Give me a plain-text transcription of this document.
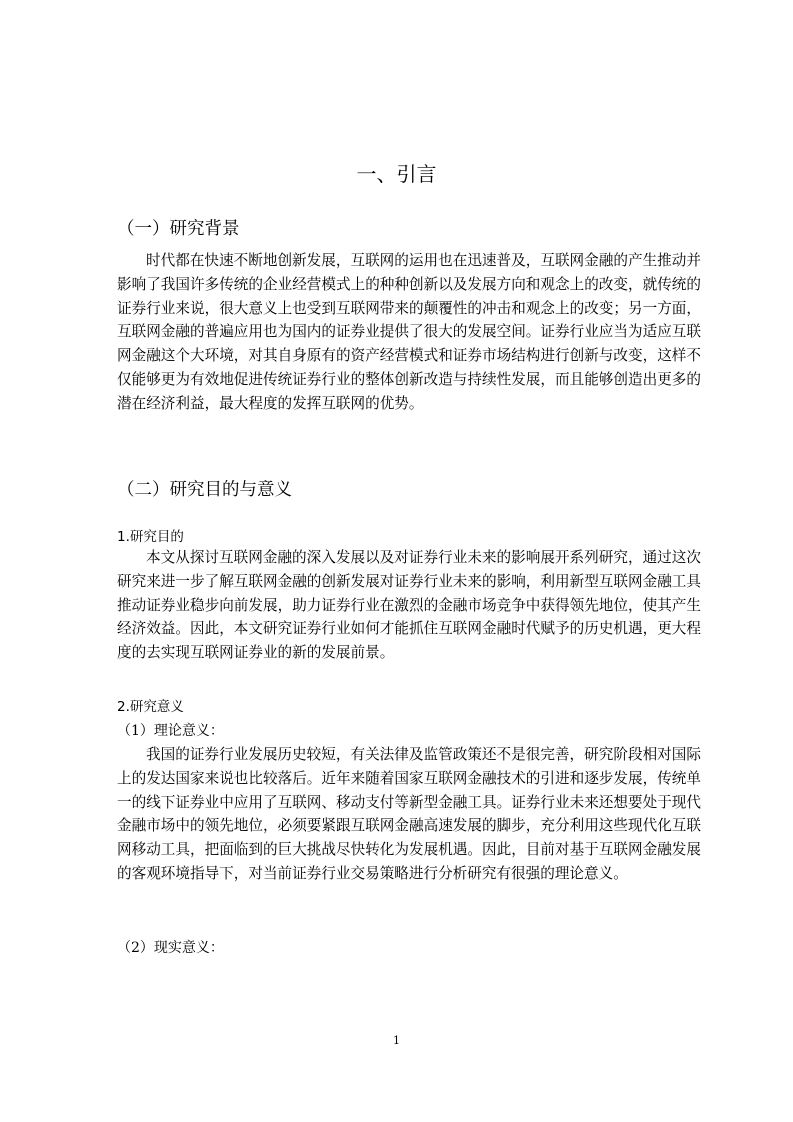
一、引言
（一）研究背景

时代都在快速不断地创新发展，互联网的运用也在迅速普及，互联网金融的产生推动并影响了我国许多传统的企业经营模式上的种种创新以及发展方向和观念上的改变，就传统的证券行业来说，很大意义上也受到互联网带来的颠覆性的冲击和观念上的改变；另一方面，互联网金融的普遍应用也为国内的证券业提供了很大的发展空间。证券行业应当为适应互联网金融这个大环境，对其自身原有的资产经营模式和证券市场结构进行创新与改变，这样不仅能够更为有效地促进传统证券行业的整体创新改造与持续性发展，而且能够创造出更多的潜在经济利益，最大程度的发挥互联网的优势。

（二）研究目的与意义
1.研究目的

本文从探讨互联网金融的深入发展以及对证券行业未来的影响展开系列研究，通过这次研究来进一步了解互联网金融的创新发展对证券行业未来的影响，利用新型互联网金融工具推动证券业稳步向前发展，助力证券行业在激烈的金融市场竞争中获得领先地位，使其产生经济效益。因此，本文研究证券行业如何才能抓住互联网金融时代赋予的历史机遇，更大程度的去实现互联网证券业的新的发展前景。

2.研究意义
（1）理论意义：

我国的证券行业发展历史较短，有关法律及监管政策还不是很完善，研究阶段相对国际上的发达国家来说也比较落后。近年来随着国家互联网金融技术的引进和逐步发展，传统单一的线下证券业中应用了互联网、移动支付等新型金融工具。证券行业未来还想要处于现代金融市场中的领先地位，必须要紧跟互联网金融高速发展的脚步，充分利用这些现代化互联网移动工具，把面临到的巨大挑战尽快转化为发展机遇。因此，目前对基于互联网金融发展的客观环境指导下，对当前证券行业交易策略进行分析研究有很强的理论意义。

（2）现实意义：
1
